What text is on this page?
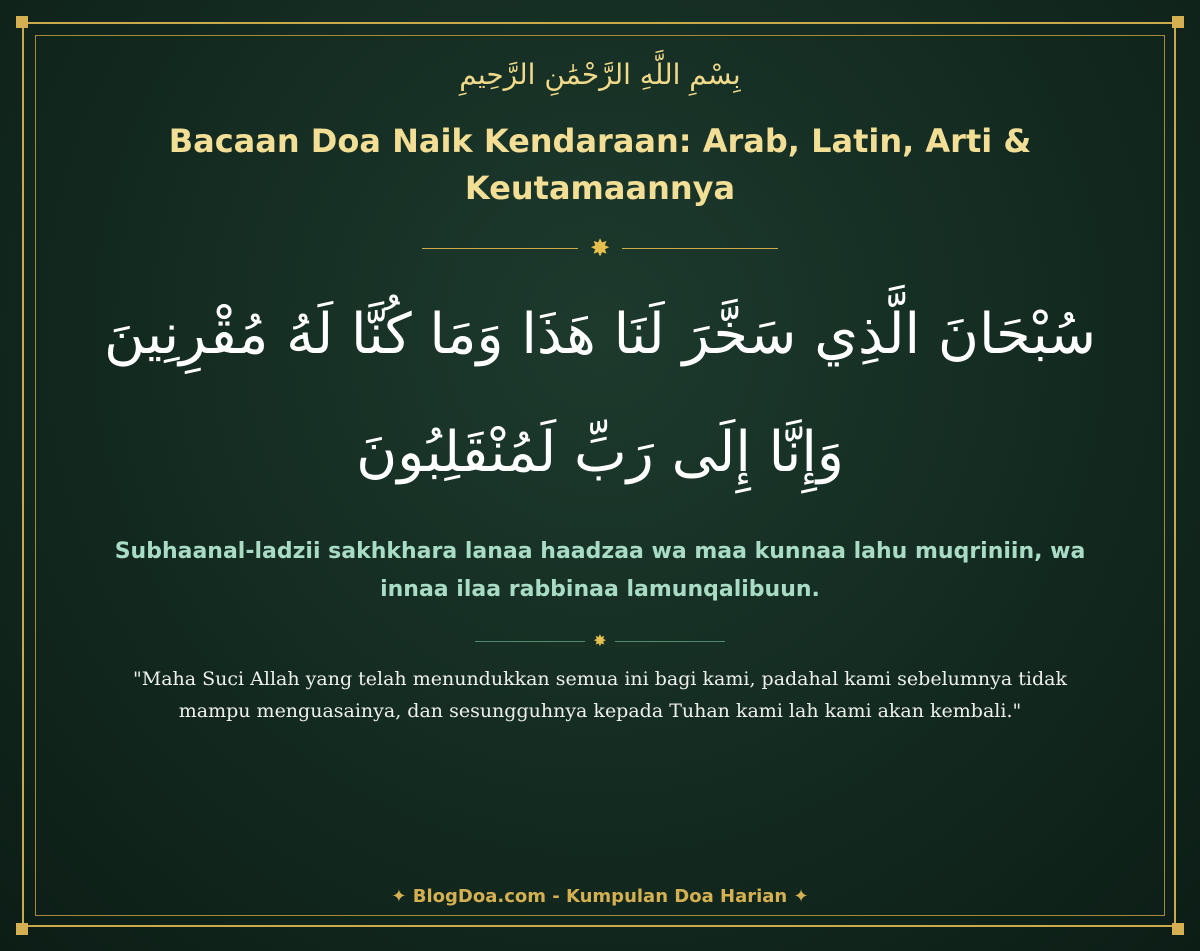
بِسْمِ اللَّهِ الرَّحْمَٰنِ الرَّحِيمِ
Bacaan Doa Naik Kendaraan: Arab, Latin, Arti & Keutamaannya
✸
سُبْحَانَ الَّذِي سَخَّرَ لَنَا هَذَا وَمَا كُنَّا لَهُ مُقْرِنِينَ وَإِنَّا إِلَى رَبِّ لَمُنْقَلِبُونَ
Subhaanal-ladzii sakhkhara lanaa haadzaa wa maa kunnaa lahu muqriniin, wa innaa ilaa rabbinaa lamunqalibuun.
✸
"Maha Suci Allah yang telah menundukkan semua ini bagi kami, padahal kami sebelumnya tidak mampu menguasainya, dan sesungguhnya kepada Tuhan kami lah kami akan kembali."
✦ BlogDoa.com - Kumpulan Doa Harian ✦
